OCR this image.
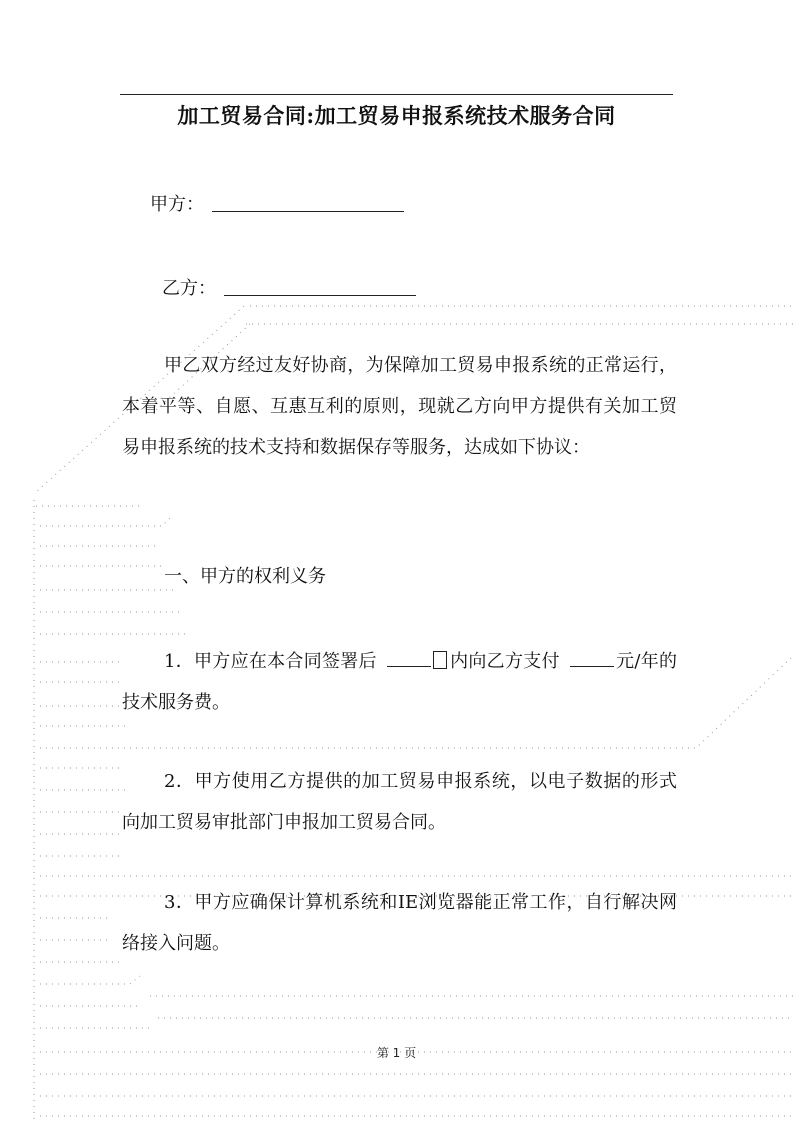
加工贸易合同:加工贸易申报系统技术服务合同
甲方：
乙方：

甲乙双方经过友好协商，为保障加工贸易申报系统的正常运行，本着平等、自愿、互惠互利的原则，现就乙方向甲方提供有关加工贸易申报系统的技术支持和数据保存等服务，达成如下协议：

一、甲方的权利义务

1．甲方应在本合同签署后	内向乙方支付	元/年的技术服务费。

2．甲方使用乙方提供的加工贸易申报系统，以电子数据的形式向加工贸易审批部门申报加工贸易合同。

3．甲方应确保计算机系统和IE浏览器能正常工作，自行解决网络接入问题。

第 1 页
